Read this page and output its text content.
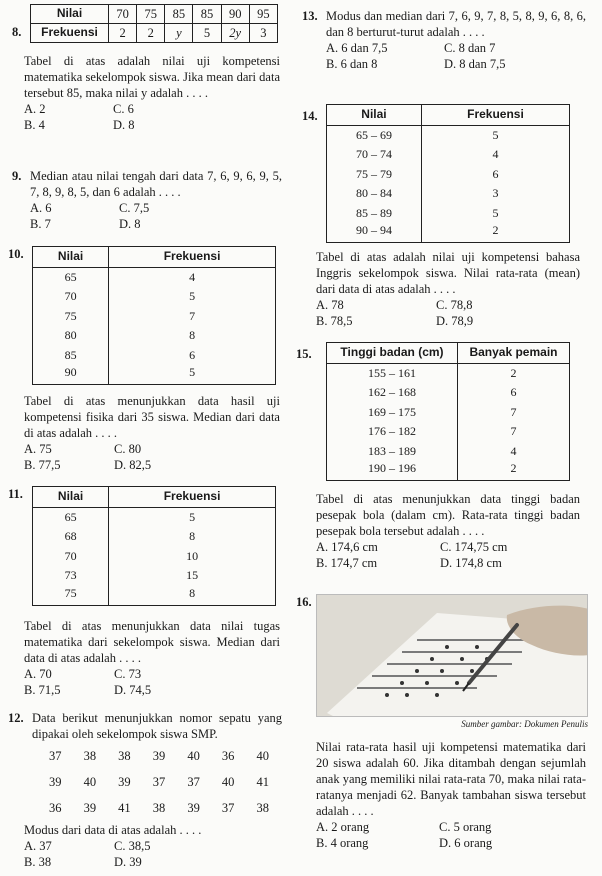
8.
Nilai	70	75	85	85	90	95
Frekuensi	2	2	y	5	2y	3

Tabel di atas adalah nilai uji kompetensi matematika sekelompok siswa. Jika mean dari data tersebut 85, maka nilai y adalah . . . .

A. 2	C. 6
B. 4	D. 8
9. Median atau nilai tengah dari data 7, 6, 9, 6, 9, 5, 7, 8, 9, 8, 5, dan 6 adalah . . . .

A. 6	C. 7,5
B. 7	D. 8
10.	Nilai	Frekuensi
65	4
70	5
75	7
80	8
85	6
90	5

Tabel di atas menunjukkan data hasil uji kompetensi fisika dari 35 siswa. Median dari data di atas adalah . . . .

A. 75	C. 80
B. 77,5	D. 82,5
11.	Nilai	Frekuensi
65	5
68	8
70	10
73	15
75	8

Tabel di atas menunjukkan data nilai tugas matematika dari sekelompok siswa. Median dari data di atas adalah . . . .

A. 70	C. 73
B. 71,5	D. 74,5
12. Data berikut menunjukkan nomor sepatu yang dipakai oleh sekelompok siswa SMP.

37	38	38	39	40	36	40
39	40	39	37	37	40	41
36	39	41	38	39	37	38

Modus dari data di atas adalah . . . .

A. 37	C. 38,5
B. 38	D. 39
13. Modus dan median dari 7, 6, 9, 7, 8, 5, 8, 9, 6, 8, 6, dan 8 berturut-turut adalah . . . .

A. 6 dan 7,5	C. 8 dan 7
B. 6 dan 8	D. 8 dan 7,5
14.	Nilai	Frekuensi
65 – 69	5
70 – 74	4
75 – 79	6
80 – 84	3
85 – 89	5
90 – 94	2

Tabel di atas adalah nilai uji kompetensi bahasa Inggris sekelompok siswa. Nilai rata-rata (mean) dari data di atas adalah . . . .

A. 78	C. 78,8
B. 78,5	D. 78,9
15. Tinggi badan (cm)	Banyak pemain
155 – 161	2
162 – 168	6
169 – 175	7
176 – 182	7
183 – 189	4
190 – 196	2

Tabel di atas menunjukkan data tinggi badan pesepak bola (dalam cm). Rata-rata tinggi badan pesepak bola tersebut adalah . . . .

A. 174,6 cm	C. 174,75 cm
B. 174,7 cm	D. 174,8 cm
16.
Sumber gambar: Dokumen Penulis

Nilai rata-rata hasil uji kompetensi matematika dari 20 siswa adalah 60. Jika ditambah dengan sejumlah anak yang memiliki nilai rata-rata 70, maka nilai rata-ratanya menjadi 62. Banyak tambahan siswa tersebut adalah . . . .

A. 2 orang	C. 5 orang
B. 4 orang	D. 6 orang
